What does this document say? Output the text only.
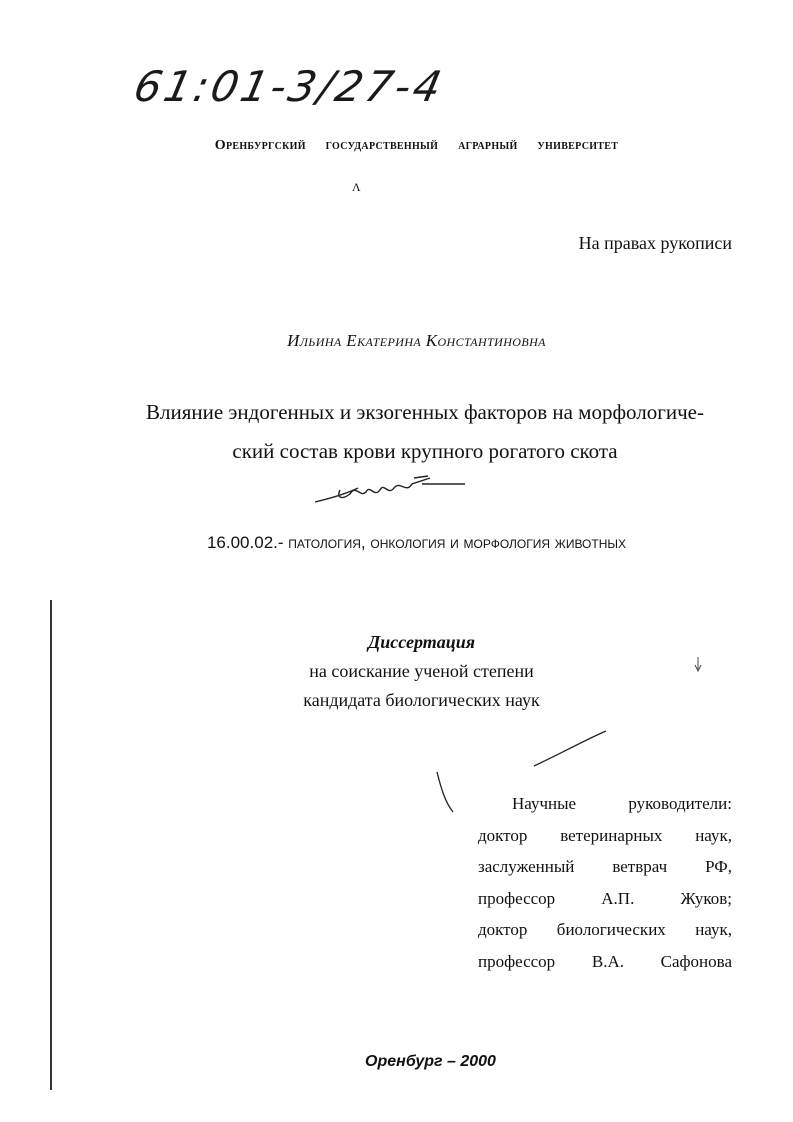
61:01-3/27-4
Оренбургский государственный аграрный университет
Λ
На правах рукописи
Ильина Екатерина Константиновна
Влияние эндогенных и экзогенных факторов на морфологиче-
ский состав крови крупного рогатого скота
16.00.02.- патология, онкология и морфология животных
Диссертация
на соискание ученой степени
кандидата биологических наук
Научные руководители:
доктор ветеринарных наук,
заслуженный ветврач РФ,
профессор А.П. Жуков;
доктор биологических наук,
профессор В.А. Сафонова
Оренбург – 2000
